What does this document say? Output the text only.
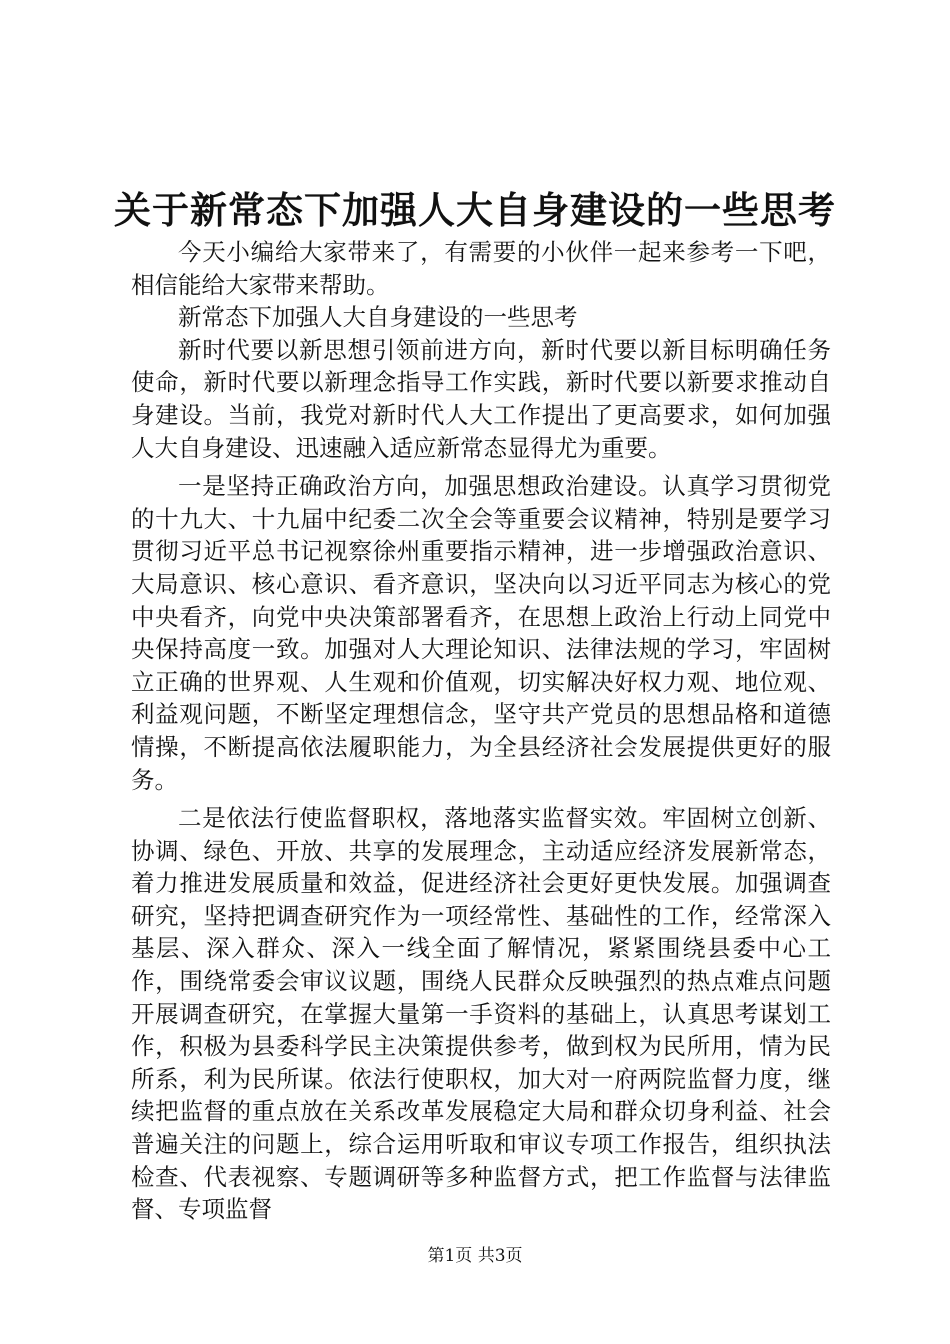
关于新常态下加强人大自身建设的一些思考

今天小编给大家带来了，有需要的小伙伴一起来参考一下吧，相信能给大家带来帮助。

新常态下加强人大自身建设的一些思考

新时代要以新思想引领前进方向，新时代要以新目标明确任务使命，新时代要以新理念指导工作实践，新时代要以新要求推动自身建设。当前，我党对新时代人大工作提出了更高要求，如何加强人大自身建设、迅速融入适应新常态显得尤为重要。

一是坚持正确政治方向，加强思想政治建设。认真学习贯彻党的十九大、十九届中纪委二次全会等重要会议精神，特别是要学习贯彻习近平总书记视察徐州重要指示精神，进一步增强政治意识、大局意识、核心意识、看齐意识，坚决向以习近平同志为核心的党中央看齐，向党中央决策部署看齐，在思想上政治上行动上同党中央保持高度一致。加强对人大理论知识、法律法规的学习，牢固树立正确的世界观、人生观和价值观，切实解决好权力观、地位观、利益观问题，不断坚定理想信念，坚守共产党员的思想品格和道德情操，不断提高依法履职能力，为全县经济社会发展提供更好的服务。

二是依法行使监督职权，落地落实监督实效。牢固树立创新、协调、绿色、开放、共享的发展理念，主动适应经济发展新常态，着力推进发展质量和效益，促进经济社会更好更快发展。加强调查研究，坚持把调查研究作为一项经常性、基础性的工作，经常深入基层、深入群众、深入一线全面了解情况，紧紧围绕县委中心工作，围绕常委会审议议题，围绕人民群众反映强烈的热点难点问题开展调查研究，在掌握大量第一手资料的基础上，认真思考谋划工作，积极为县委科学民主决策提供参考，做到权为民所用，情为民所系，利为民所谋。依法行使职权，加大对一府两院监督力度，继续把监督的重点放在关系改革发展稳定大局和群众切身利益、社会普遍关注的问题上，综合运用听取和审议专项工作报告，组织执法检查、代表视察、专题调研等多种监督方式，把工作监督与法律监督、专项监督

第1页 共3页
